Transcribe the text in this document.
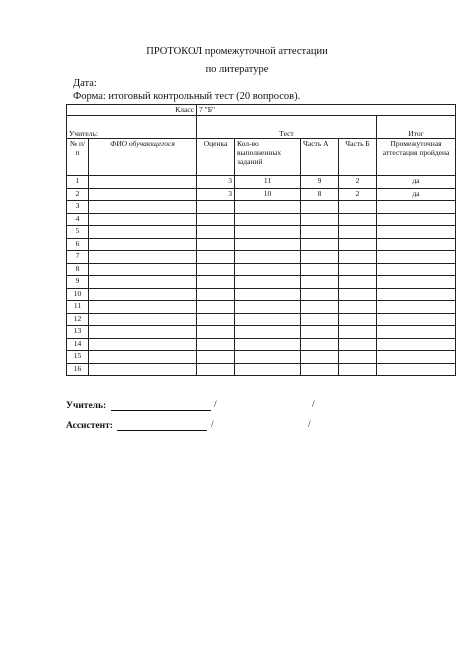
ПРОТОКОЛ промежуточной аттестации
по литературе
Дата:
Форма: итоговый контрольный тест (20 вопросов).
Класс		7 "Б"				
Учитель:		Тест				Итог
№ п/п	ФИО обучающегося	Оценка	Кол-во выполненных заданий	Часть А	Часть Б	Промежуточная аттестация пройдена
1		3	11	9	2	да
2		3	10	8	2	да
3						
4						
5						
6						
7						
8						
9						
10						
11						
12						
13						
14						
15						
16						
Учитель:	/	/
Ассистент:	/	/
